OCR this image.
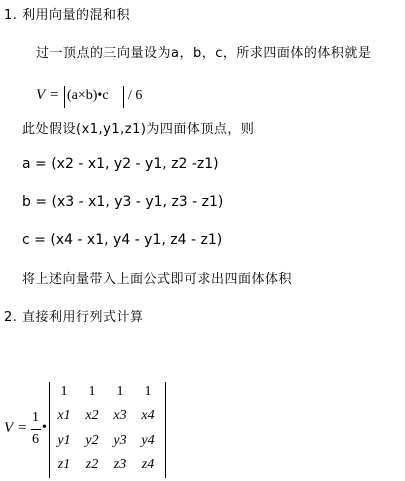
1. 利用向量的混和积
过一顶点的三向量设为a，b，c，所求四面体的体积就是
V = (a×b)•c / 6
此处假设(x1,y1,z1)为四面体顶点，则
a = (x2 - x1, y2 - y1, z2 -z1)
b = (x3 - x1, y3 - y1, z3 - z1)
c = (x4 - x1, y4 - y1, z4 - z1)
将上述向量带入上面公式即可求出四面体体积
2. 直接利用行列式计算
V =
1
6
•
1	1	1	1
x1	x2	x3	x4
y1	y2	y3	y4
z1	z2	z3	z4
